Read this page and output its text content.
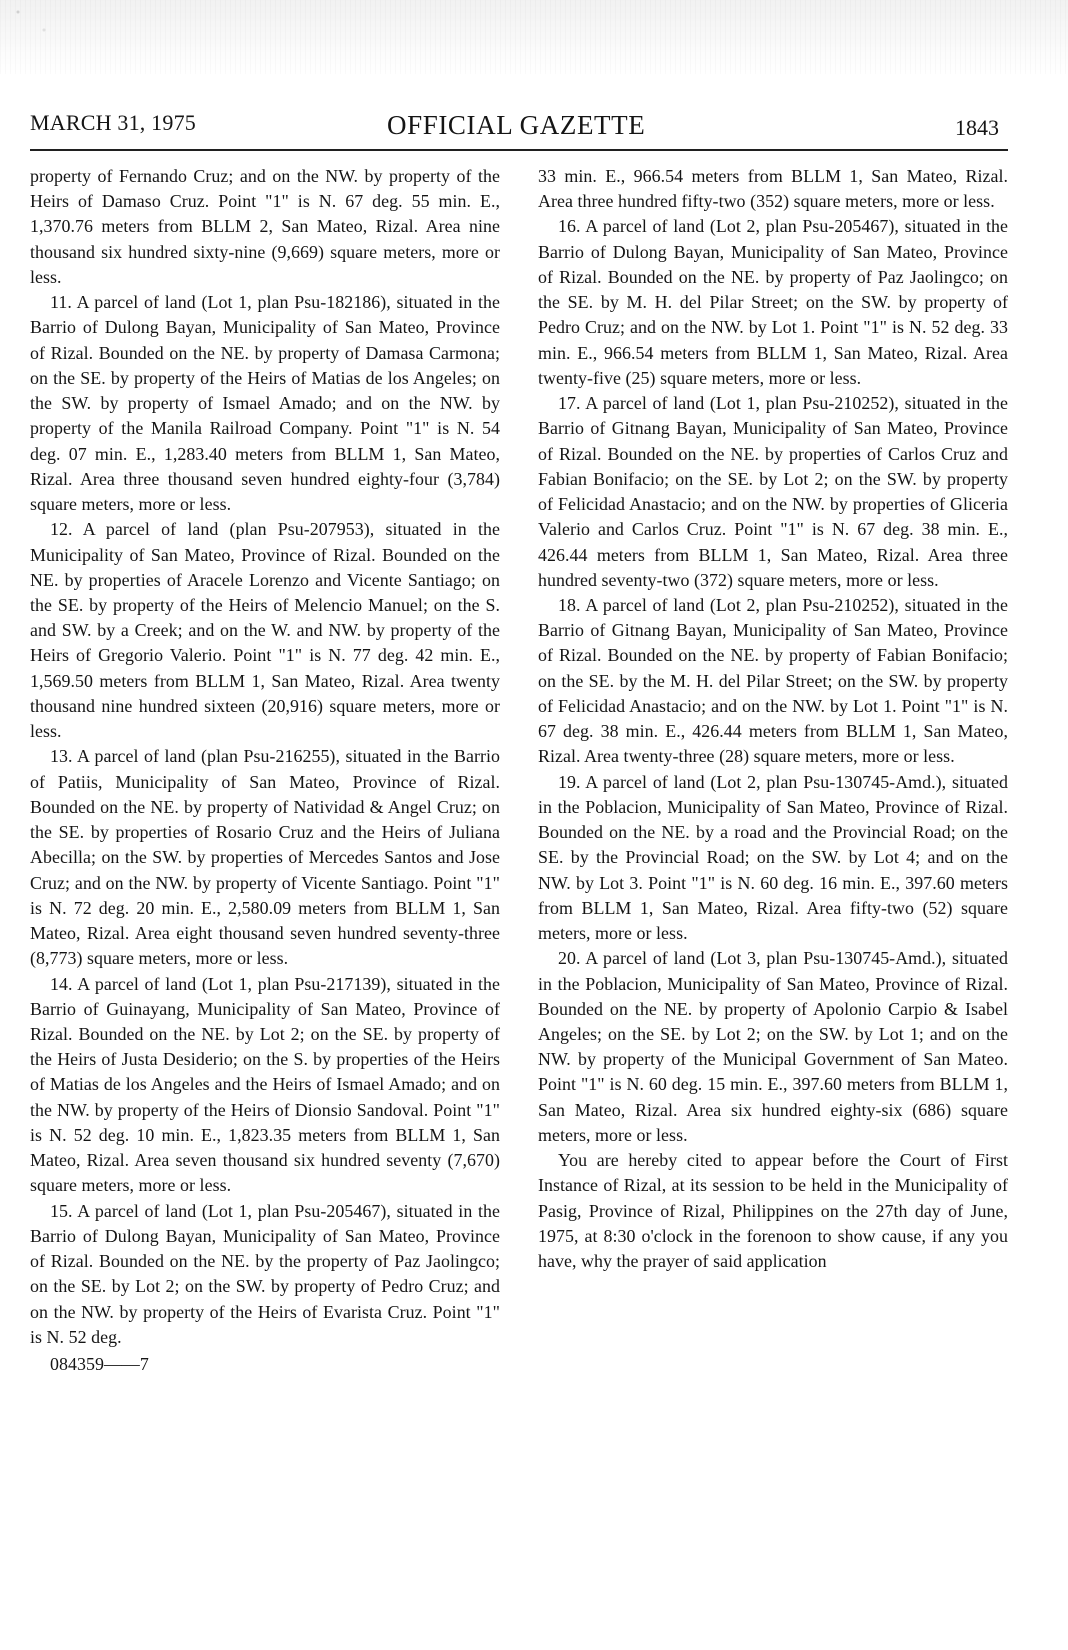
MARCH 31, 1975	OFFICIAL GAZETTE	1843

property of Fernando Cruz; and on the NW. by property of the Heirs of Damaso Cruz. Point "1" is N. 67 deg. 55 min. E., 1,370.76 meters from BLLM 2, San Mateo, Rizal. Area nine thousand six hundred sixty-nine (9,669) square meters, more or less.

11. A parcel of land (Lot 1, plan Psu-182186), situated in the Barrio of Dulong Bayan, Municipality of San Mateo, Province of Rizal. Bounded on the NE. by property of Damasa Carmona; on the SE. by property of the Heirs of Matias de los Angeles; on the SW. by property of Ismael Amado; and on the NW. by property of the Manila Railroad Company. Point "1" is N. 54 deg. 07 min. E., 1,283.40 meters from BLLM 1, San Mateo, Rizal. Area three thousand seven hundred eighty-four (3,784) square meters, more or less.

12. A parcel of land (plan Psu-207953), situated in the Municipality of San Mateo, Province of Rizal. Bounded on the NE. by properties of Aracele Lorenzo and Vicente Santiago; on the SE. by property of the Heirs of Melencio Manuel; on the S. and SW. by a Creek; and on the W. and NW. by property of the Heirs of Gregorio Valerio. Point "1" is N. 77 deg. 42 min. E., 1,569.50 meters from BLLM 1, San Mateo, Rizal. Area twenty thousand nine hundred sixteen (20,916) square meters, more or less.

13. A parcel of land (plan Psu-216255), situated in the Barrio of Patiis, Municipality of San Mateo, Province of Rizal. Bounded on the NE. by property of Natividad & Angel Cruz; on the SE. by properties of Rosario Cruz and the Heirs of Juliana Abecilla; on the SW. by properties of Mercedes Santos and Jose Cruz; and on the NW. by property of Vicente Santiago. Point "1" is N. 72 deg. 20 min. E., 2,580.09 meters from BLLM 1, San Mateo, Rizal. Area eight thousand seven hundred seventy-three (8,773) square meters, more or less.

14. A parcel of land (Lot 1, plan Psu-217139), situated in the Barrio of Guinayang, Municipality of San Mateo, Province of Rizal. Bounded on the NE. by Lot 2; on the SE. by property of the Heirs of Justa Desiderio; on the S. by properties of the Heirs of Matias de los Angeles and the Heirs of Ismael Amado; and on the NW. by property of the Heirs of Dionsio Sandoval. Point "1" is N. 52 deg. 10 min. E., 1,823.35 meters from BLLM 1, San Mateo, Rizal. Area seven thousand six hundred seventy (7,670) square meters, more or less.

15. A parcel of land (Lot 1, plan Psu-205467), situated in the Barrio of Dulong Bayan, Municipality of San Mateo, Province of Rizal. Bounded on the NE. by the property of Paz Jaolingco; on the SE. by Lot 2; on the SW. by property of Pedro Cruz; and on the NW. by property of the Heirs of Evarista Cruz. Point "1" is N. 52 deg.

084359——7

33 min. E., 966.54 meters from BLLM 1, San Mateo, Rizal. Area three hundred fifty-two (352) square meters, more or less.

16. A parcel of land (Lot 2, plan Psu-205467), situated in the Barrio of Dulong Bayan, Municipality of San Mateo, Province of Rizal. Bounded on the NE. by property of Paz Jaolingco; on the SE. by M. H. del Pilar Street; on the SW. by property of Pedro Cruz; and on the NW. by Lot 1. Point "1" is N. 52 deg. 33 min. E., 966.54 meters from BLLM 1, San Mateo, Rizal. Area twenty-five (25) square meters, more or less.

17. A parcel of land (Lot 1, plan Psu-210252), situated in the Barrio of Gitnang Bayan, Municipality of San Mateo, Province of Rizal. Bounded on the NE. by properties of Carlos Cruz and Fabian Bonifacio; on the SE. by Lot 2; on the SW. by property of Felicidad Anastacio; and on the NW. by properties of Gliceria Valerio and Carlos Cruz. Point "1" is N. 67 deg. 38 min. E., 426.44 meters from BLLM 1, San Mateo, Rizal. Area three hundred seventy-two (372) square meters, more or less.

18. A parcel of land (Lot 2, plan Psu-210252), situated in the Barrio of Gitnang Bayan, Municipality of San Mateo, Province of Rizal. Bounded on the NE. by property of Fabian Bonifacio; on the SE. by the M. H. del Pilar Street; on the SW. by property of Felicidad Anastacio; and on the NW. by Lot 1. Point "1" is N. 67 deg. 38 min. E., 426.44 meters from BLLM 1, San Mateo, Rizal. Area twenty-three (28) square meters, more or less.

19. A parcel of land (Lot 2, plan Psu-130745-Amd.), situated in the Poblacion, Municipality of San Mateo, Province of Rizal. Bounded on the NE. by a road and the Provincial Road; on the SE. by the Provincial Road; on the SW. by Lot 4; and on the NW. by Lot 3. Point "1" is N. 60 deg. 16 min. E., 397.60 meters from BLLM 1, San Mateo, Rizal. Area fifty-two (52) square meters, more or less.

20. A parcel of land (Lot 3, plan Psu-130745-Amd.), situated in the Poblacion, Municipality of San Mateo, Province of Rizal. Bounded on the NE. by property of Apolonio Carpio & Isabel Angeles; on the SE. by Lot 2; on the SW. by Lot 1; and on the NW. by property of the Municipal Government of San Mateo. Point "1" is N. 60 deg. 15 min. E., 397.60 meters from BLLM 1, San Mateo, Rizal. Area six hundred eighty-six (686) square meters, more or less.

You are hereby cited to appear before the Court of First Instance of Rizal, at its session to be held in the Municipality of Pasig, Province of Rizal, Philippines on the 27th day of June, 1975, at 8:30 o'clock in the forenoon to show cause, if any you have, why the prayer of said application
